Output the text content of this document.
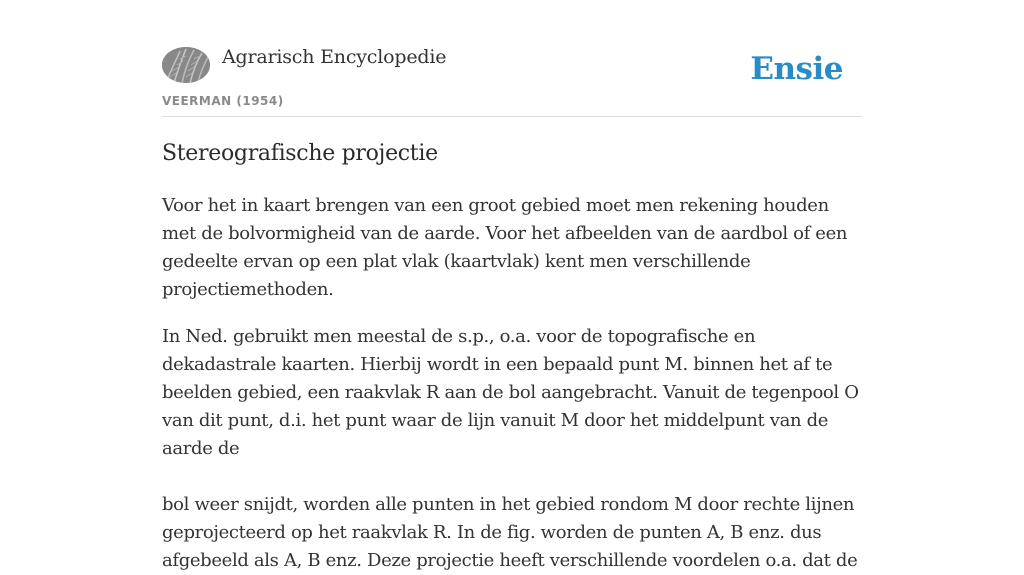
Agrarisch Encyclopedie
VEERMAN (1954)
Ensie
Stereografische projectie

Voor het in kaart brengen van een groot gebied moet men rekening houden met de bolvormigheid van de aarde. Voor het afbeelden van de aardbol of een gedeelte ervan op een plat vlak (kaartvlak) kent men verschillende projectiemethoden.

In Ned. gebruikt men meestal de s.p., o.a. voor de topografische en dekadastrale kaarten. Hierbij wordt in een bepaald punt M. binnen het af te beelden gebied, een raakvlak R aan de bol aangebracht. Vanuit de tegenpool O van dit punt, d.i. het punt waar de lijn vanuit M door het middelpunt van de aarde de

bol weer snijdt, worden alle punten in het gebied rondom M door rechte lijnen geprojecteerd op het raakvlak R. In de fig. worden de punten A, B enz. dus afgebeeld als A, B enz. Deze projectie heeft verschillende voordelen o.a. dat de
